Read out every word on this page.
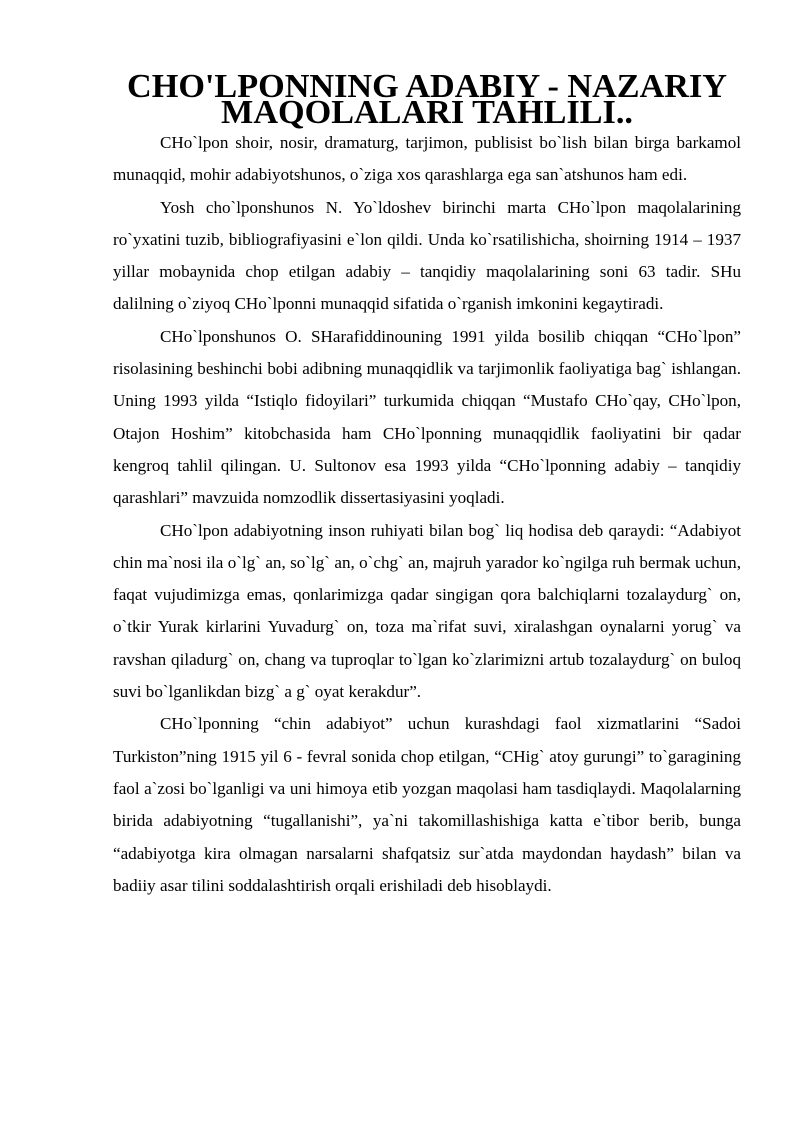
CHO'LPONNING ADABIY - NAZARIY MAQOLALARI TAHLILI..

CHo`lpon shoir, nosir, dramaturg, tarjimon, publisist bo`lish bilan birga barkamol munaqqid, mohir adabiyotshunos, o`ziga xos qarashlarga ega san`atshunos ham edi.

Yosh cho`lponshunos N. Yo`ldoshev birinchi marta CHo`lpon maqolalarining ro`yxatini tuzib, bibliografiyasini e`lon qildi. Unda ko`rsatilishicha, shoirning 1914 – 1937 yillar mobaynida chop etilgan adabiy – tanqidiy maqolalarining soni 63 tadir. SHu dalilning o`ziyoq CHo`lponni munaqqid sifatida o`rganish imkonini kegaytiradi.

CHo`lponshunos O. SHarafiddinouning 1991 yilda bosilib chiqqan “CHo`lpon” risolasining beshinchi bobi adibning munaqqidlik va tarjimonlik faoliyatiga bag` ishlangan. Uning 1993 yilda “Istiqlo fidoyilari” turkumida chiqqan “Mustafo CHo`qay, CHo`lpon, Otajon Hoshim” kitobchasida ham CHo`lponning munaqqidlik faoliyatini bir qadar kengroq tahlil qilingan. U. Sultonov esa 1993 yilda “CHo`lponning adabiy – tanqidiy qarashlari” mavzuida nomzodlik dissertasiyasini yoqladi.

CHo`lpon adabiyotning inson ruhiyati bilan bog` liq hodisa deb qaraydi: “Adabiyot chin ma`nosi ila o`lg` an, so`lg` an, o`chg` an, majruh yarador ko`ngilga ruh bermak uchun, faqat vujudimizga emas, qonlarimizga qadar singigan qora balchiqlarni tozalaydurg` on, o`tkir Yurak kirlarini Yuvadurg` on, toza ma`rifat suvi, xiralashgan oynalarni yorug` va ravshan qiladurg` on, chang va tuproqlar to`lgan ko`zlarimizni artub tozalaydurg` on buloq suvi bo`lganlikdan bizg` a g` oyat kerakdur”.

CHo`lponning “chin adabiyot” uchun kurashdagi faol xizmatlarini “Sadoi Turkiston”ning 1915 yil 6 - fevral sonida chop etilgan, “CHig` atoy gurungi” to`garagining faol a`zosi bo`lganligi va uni himoya etib yozgan maqolasi ham tasdiqlaydi. Maqolalarning birida adabiyotning “tugallanishi”, ya`ni takomillashishiga katta e`tibor berib, bunga “adabiyotga kira olmagan narsalarni shafqatsiz sur`atda maydondan haydash” bilan va badiiy asar tilini soddalashtirish orqali erishiladi deb hisoblaydi.
